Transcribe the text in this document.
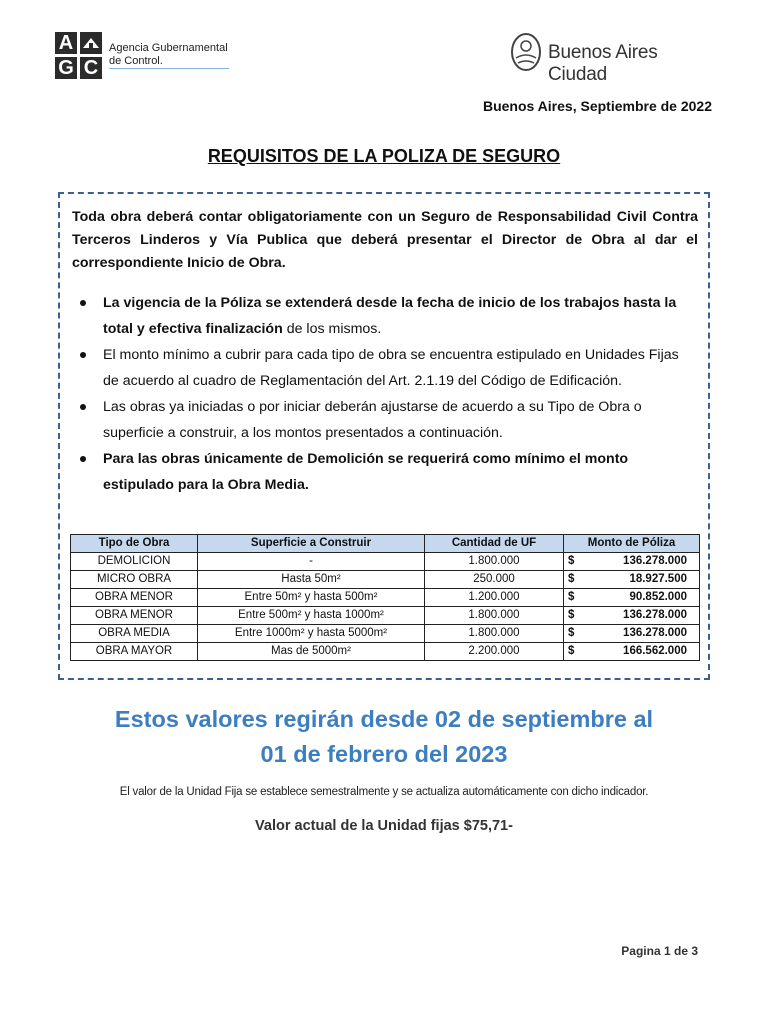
A
G C
Agencia Gubernamental
de Control.	Buenos Aires Ciudad
Buenos Aires, Septiembre de 2022
REQUISITOS DE LA POLIZA DE SEGURO
Toda obra deberá contar obligatoriamente con un Seguro de Responsabilidad Civil Contra Terceros Linderos y Vía Publica que deberá presentar el Director de Obra al dar el correspondiente Inicio de Obra.
La vigencia de la Póliza se extenderá desde la fecha de inicio de los trabajos hasta la total y efectiva finalización de los mismos.
El monto mínimo a cubrir para cada tipo de obra se encuentra estipulado en Unidades Fijas de acuerdo al cuadro de Reglamentación del Art. 2.1.19 del Código de Edificación.
Las obras ya iniciadas o por iniciar deberán ajustarse de acuerdo a su Tipo de Obra o superficie a construir, a los montos presentados a continuación.
Para las obras únicamente de Demolición se requerirá como mínimo el monto estipulado para la Obra Media.
Tipo de Obra	Superficie a Construir	Cantidad de UF	Monto de Póliza
DEMOLICION	-	1.800.000	$ 136.278.000

MICRO OBRA	Hasta 50m²	250.000	$ 18.927.500

OBRA MENOR	Entre 50m² y hasta 500m²	1.200.000	$ 90.852.000

OBRA MENOR	Entre 500m² y hasta 1000m²	1.800.000	$ 136.278.000

OBRA MEDIA	Entre 1000m² y hasta 5000m²	1.800.000	$ 136.278.000

OBRA MAYOR	Mas de 5000m²	2.200.000	$ 166.562.000
Estos valores regirán desde 02 de septiembre al
01 de febrero del 2023
El valor de la Unidad Fija se establece semestralmente y se actualiza automáticamente con dicho indicador.
Valor actual de la Unidad fijas $75,71-
Pagina 1 de 3
